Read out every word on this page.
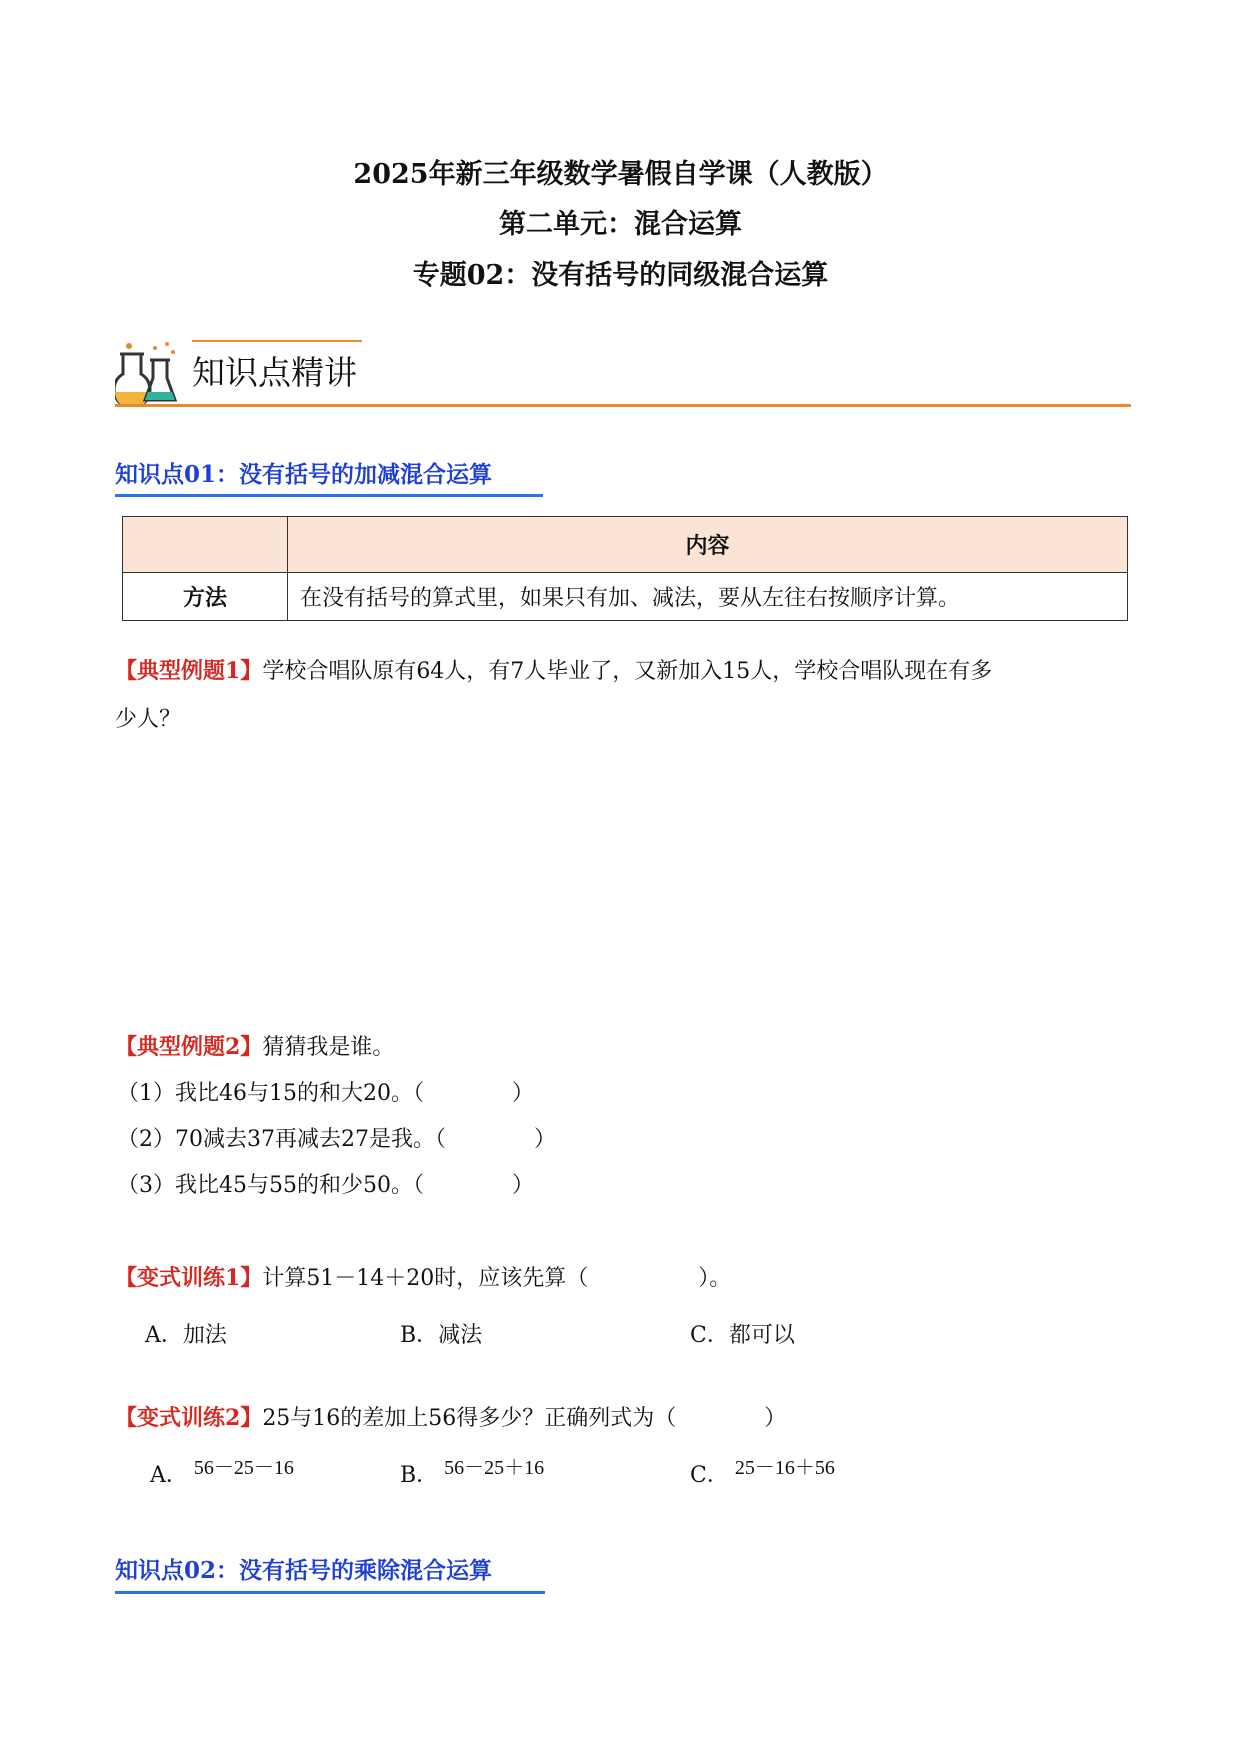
2025年新三年级数学暑假自学课（人教版）
第二单元：混合运算
专题02：没有括号的同级混合运算
知识点精讲
知识点01：没有括号的加减混合运算
	内容
方法	在没有括号的算式里，如果只有加、减法，要从左往右按顺序计算。
【典型例题1】学校合唱队原有64人，有7人毕业了，又新加入15人，学校合唱队现在有多
少人？
【典型例题2】猜猜我是谁。
（1）我比46与15的和大20。（　　　　）
（2）70减去37再减去27是我。（　　　　）
（3）我比45与55的和少50。（　　　　）
【变式训练1】计算51－14＋20时，应该先算（　　　　　）。
A．加法	B．减法	C．都可以
【变式训练2】25与16的差加上56得多少？正确列式为（　　　　）
A． 56－25－16	B． 56－25＋16	C． 25－16＋56
知识点02：没有括号的乘除混合运算
